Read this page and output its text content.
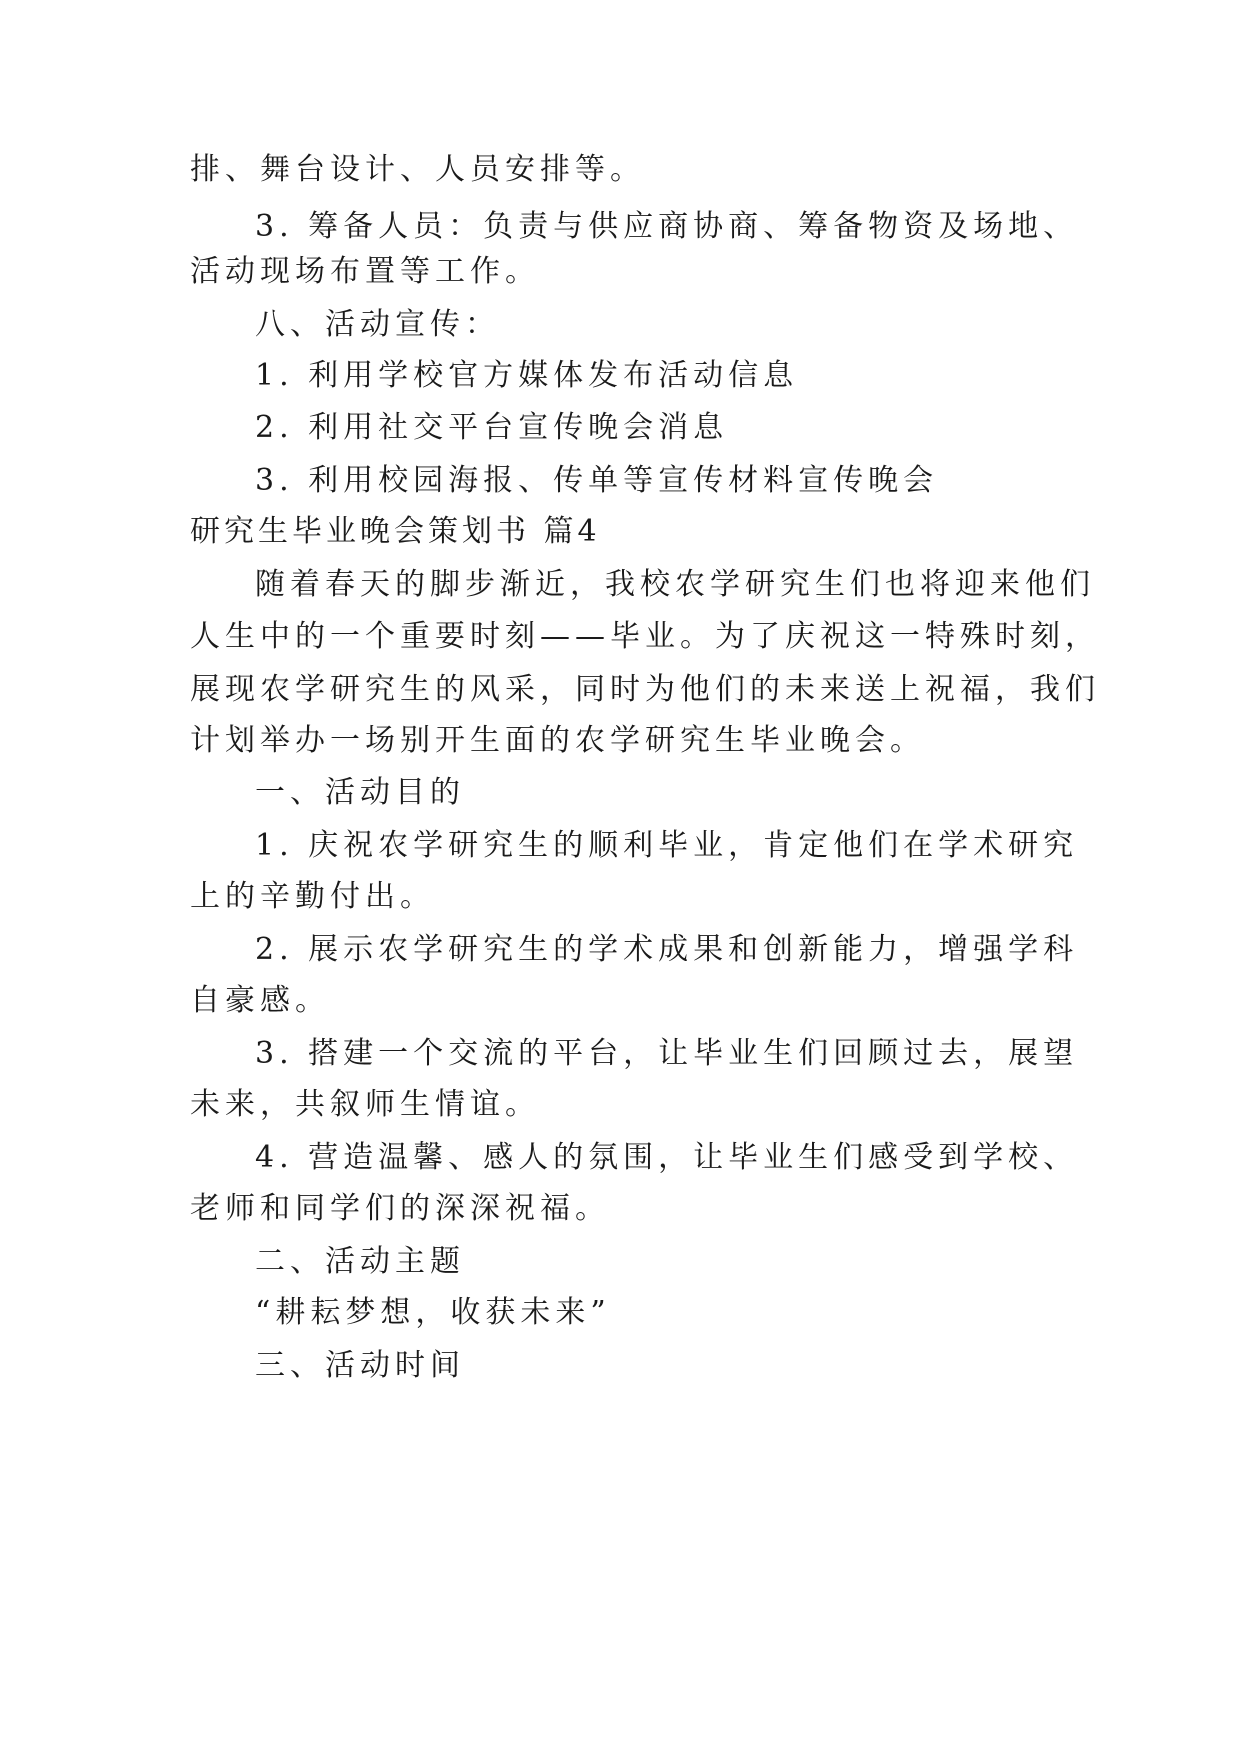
排、舞台设计、人员安排等。
3. 筹备人员：负责与供应商协商、筹备物资及场地、
活动现场布置等工作。
八、活动宣传：
1. 利用学校官方媒体发布活动信息
2. 利用社交平台宣传晚会消息
3. 利用校园海报、传单等宣传材料宣传晚会
研究生毕业晚会策划书 篇4
随着春天的脚步渐近，我校农学研究生们也将迎来他们
人生中的一个重要时刻——毕业。为了庆祝这一特殊时刻，
展现农学研究生的风采，同时为他们的未来送上祝福，我们
计划举办一场别开生面的农学研究生毕业晚会。
一、活动目的
1. 庆祝农学研究生的顺利毕业，肯定他们在学术研究
上的辛勤付出。
2. 展示农学研究生的学术成果和创新能力，增强学科
自豪感。
3. 搭建一个交流的平台，让毕业生们回顾过去，展望
未来，共叙师生情谊。
4. 营造温馨、感人的氛围，让毕业生们感受到学校、
老师和同学们的深深祝福。
二、活动主题
“耕耘梦想，收获未来”
三、活动时间
